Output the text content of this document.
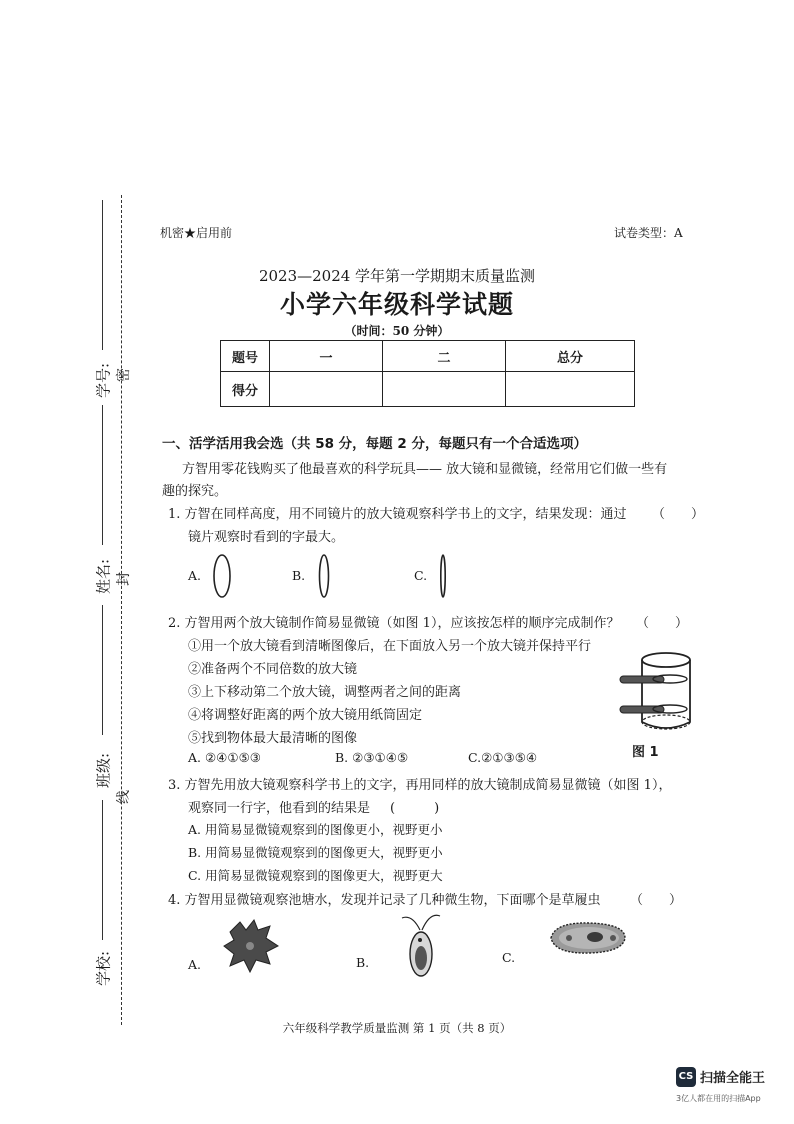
密
封
线
学号:
姓名:
班级:
学校:
机密★启用前	试卷类型：A
2023—2024 学年第一学期期末质量监测
小学六年级科学试题
（时间：50 分钟）
题号	一	二	总分
得分			
一、活学活用我会选（共 58 分，每题 2 分，每题只有一个合适选项）
方智用零花钱购买了他最喜欢的科学玩具—— 放大镜和显微镜，经常用它们做一些有
趣的探究。
1. 方智在同样高度，用不同镜片的放大镜观察科学书上的文字，结果发现：通过 （　　）
镜片观察时看到的字最大。
A.	B.	C.
2. 方智用两个放大镜制作简易显微镜（如图 1），应该按怎样的顺序完成制作？ （　　）
①用一个放大镜看到清晰图像后，在下面放入另一个放大镜并保持平行
②准备两个不同倍数的放大镜
③上下移动第二个放大镜，调整两者之间的距离
④将调整好距离的两个放大镜用纸筒固定
⑤找到物体最大最清晰的图像
A. ②④①⑤③	B. ②③①④⑤	C.②①③⑤④	图 1
3. 方智先用放大镜观察科学书上的文字，再用同样的放大镜制成简易显微镜（如图 1），
观察同一行字，他看到的结果是 (　　　)
A. 用简易显微镜观察到的图像更小，视野更小
B. 用简易显微镜观察到的图像更大，视野更小
C. 用简易显微镜观察到的图像更大，视野更大
4. 方智用显微镜观察池塘水，发现并记录了几种微生物，下面哪个是草履虫 （　　）
A.	B.	C.
六年级科学教学质量监测 第 1 页（共 8 页）
CS 扫描全能王
3亿人都在用的扫描App
